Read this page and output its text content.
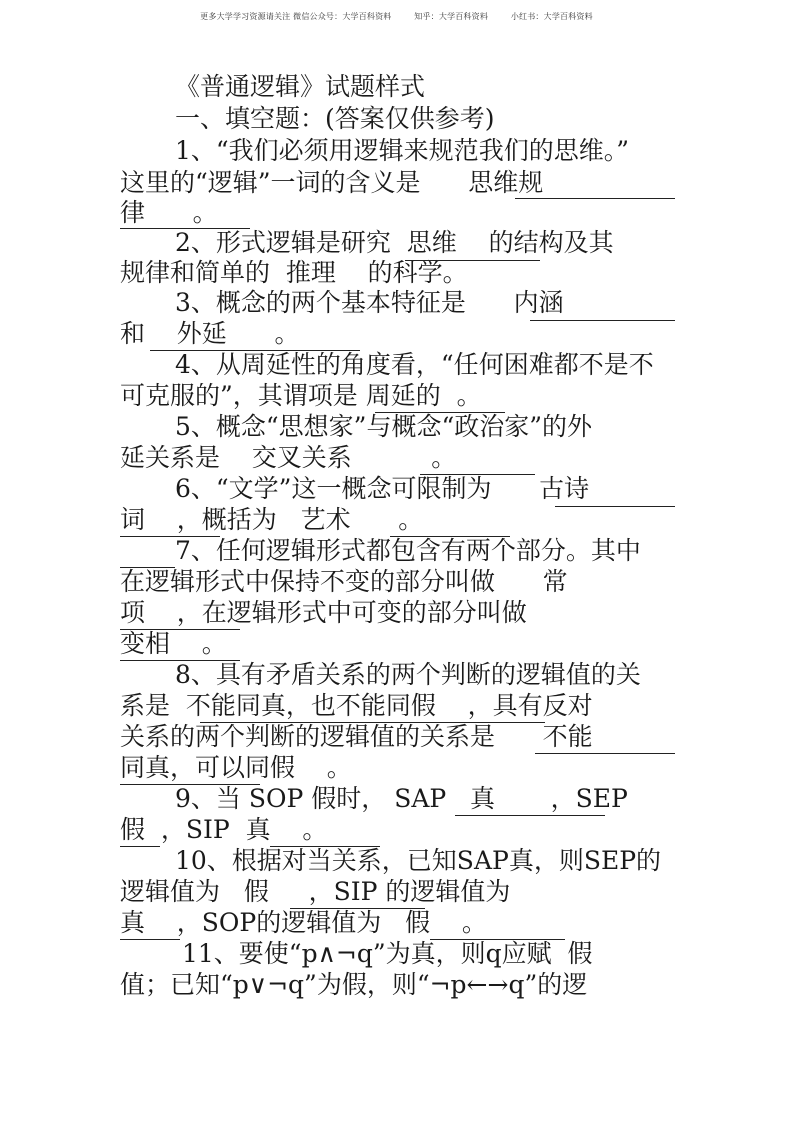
更多大学学习资源请关注 微信公众号：大学百科资料	知乎：大学百科资料	小红书：大学百科资料
《普通逻辑》试题样式
一、填空题：(答案仅供参考)
1、“我们必须用逻辑来规范我们的思维。”
这里的“逻辑”一词的含义是      思维规
律      。
2、形式逻辑是研究  思维    的结构及其
规律和简单的  推理    的科学。
3、概念的两个基本特征是      内涵
和    外延      。
4、从周延性的角度看，“任何困难都不是不
可克服的”，其谓项是 周延的  。
5、概念“思想家”与概念“政治家”的外
延关系是    交叉关系          。
6、“文学”这一概念可限制为      古诗
词    ，概括为   艺术      。
7、任何逻辑形式都包含有两个部分。其中
在逻辑形式中保持不变的部分叫做      常
项    ，在逻辑形式中可变的部分叫做
变相    。
8、具有矛盾关系的两个判断的逻辑值的关
系是  不能同真，也不能同假    ，具有反对
关系的两个判断的逻辑值的关系是      不能
同真，可以同假    。
9、当 SOP 假时， SAP   真       ，SEP
假  ，SIP  真    。
10、根据对当关系，已知SAP真，则SEP的
逻辑值为   假     ，SIP 的逻辑值为
真    ，SOP的逻辑值为   假    。
11、要使“p∧¬q”为真，则q应赋  假
值；已知“p∨¬q”为假，则“¬p←→q”的逻
